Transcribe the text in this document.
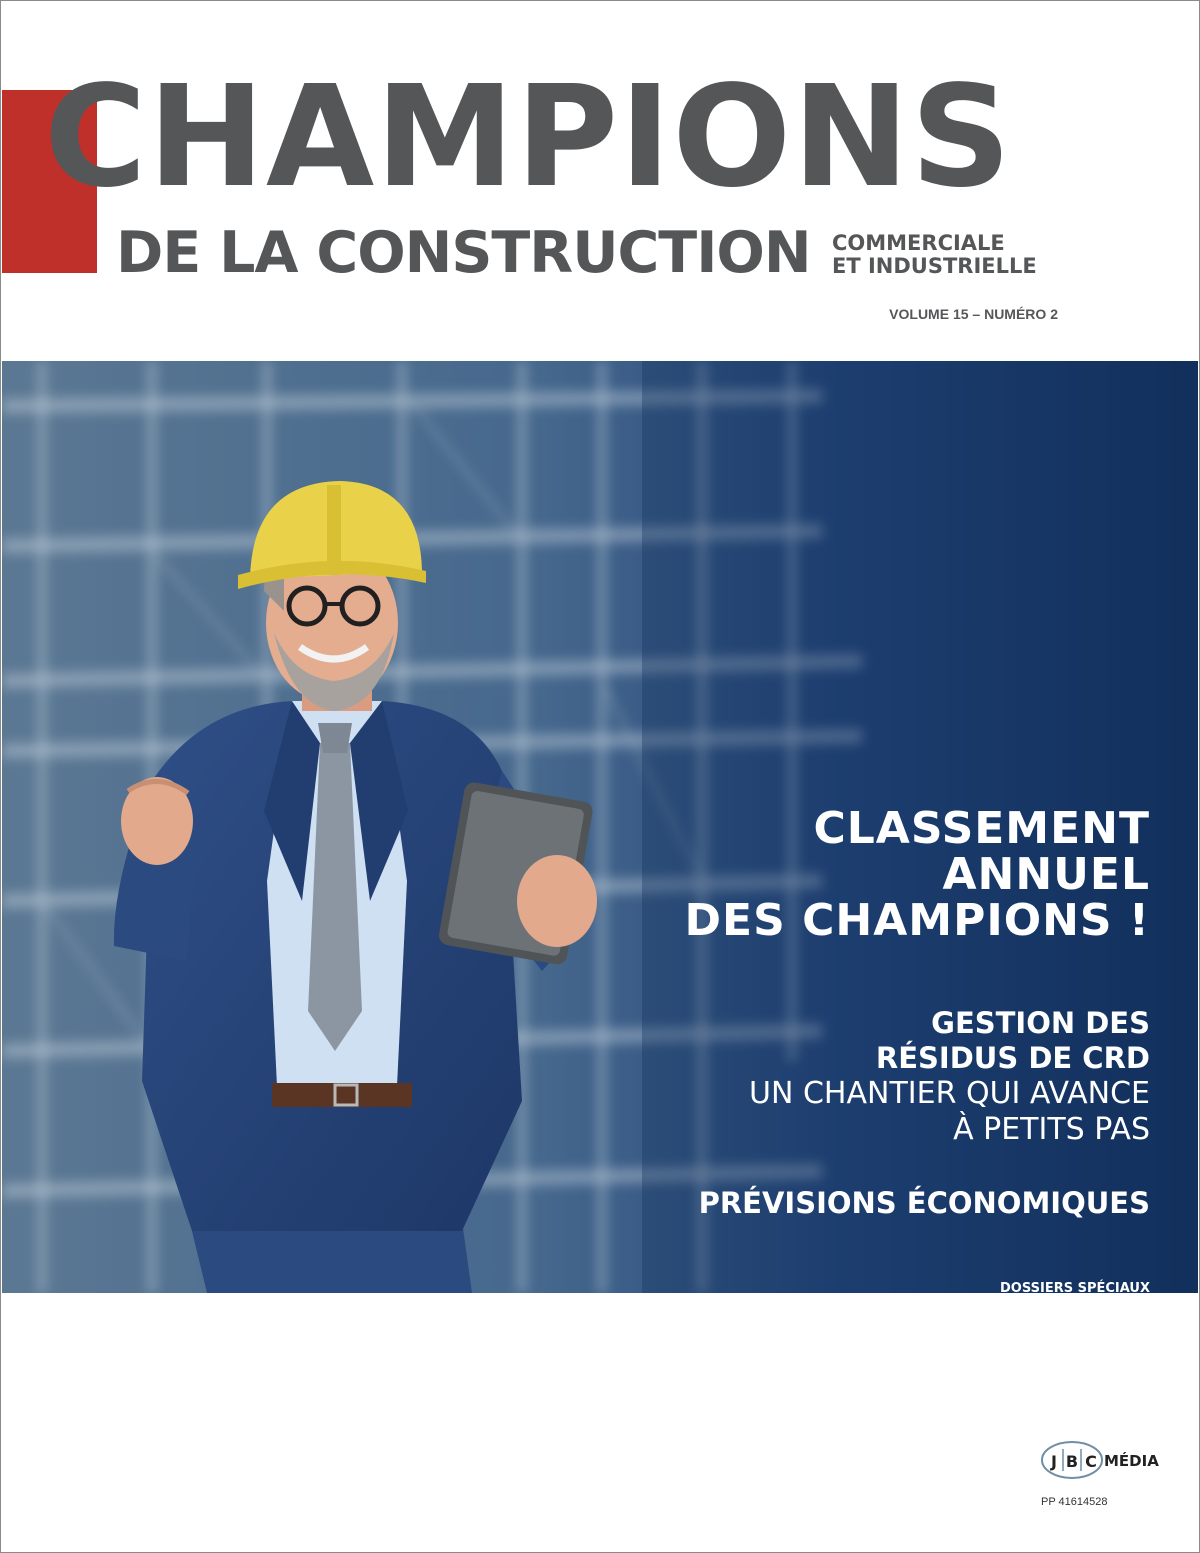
CHAMPIONS
DE LA CONSTRUCTION COMMERCIALE
ET INDUSTRIELLE
VOLUME 15 – NUMÉRO 2
CLASSEMENT ANNUEL
DES CHAMPIONS !
GESTION DES
RÉSIDUS DE CRD
UN CHANTIER QUI AVANCE
À PETITS PAS
PRÉVISIONS ÉCONOMIQUES
DOSSIERS SPÉCIAUX
J B C MÉDIA
PP 41614528
